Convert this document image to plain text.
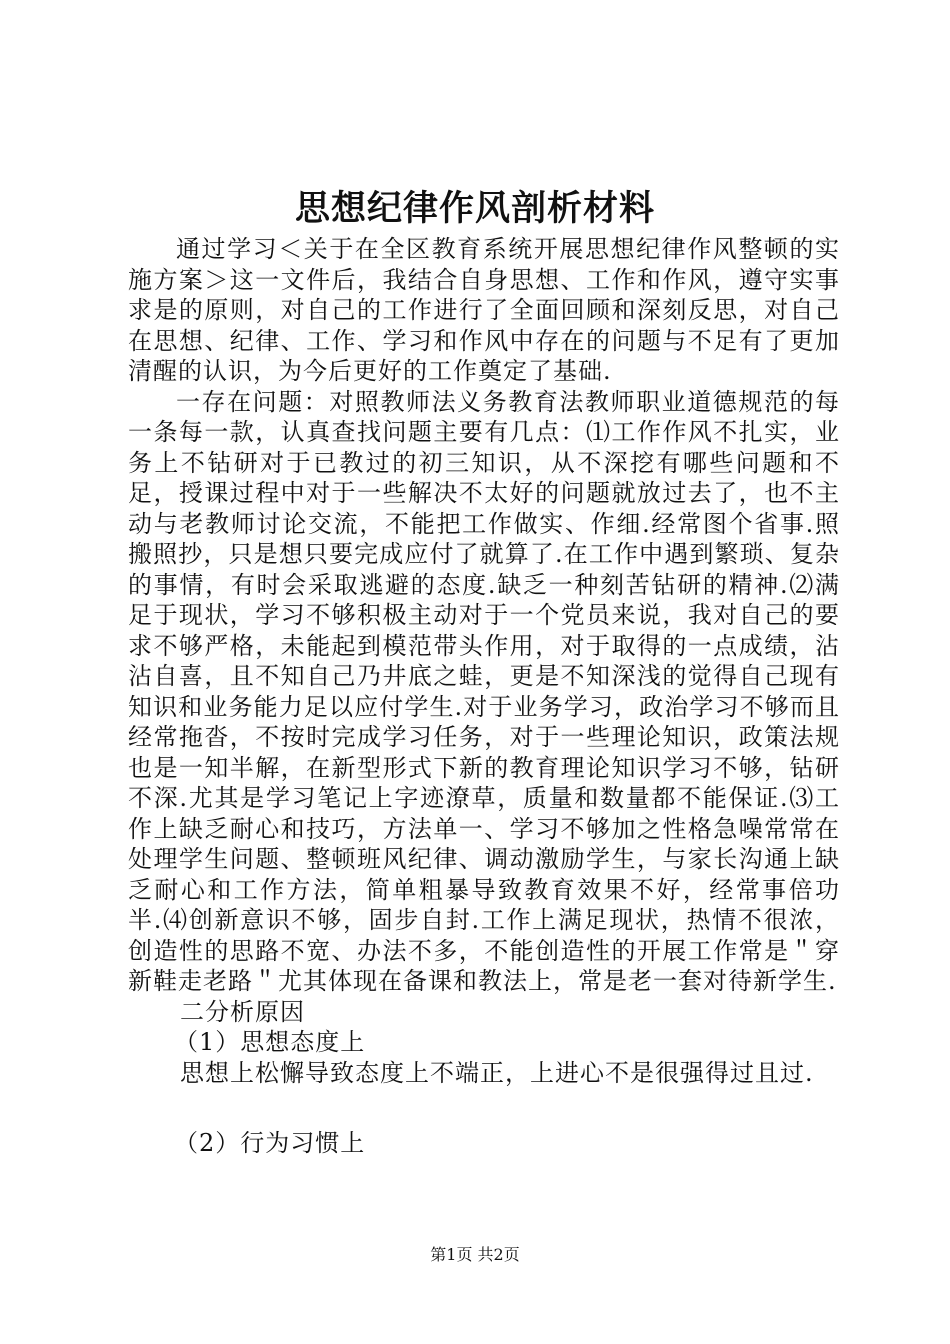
思想纪律作风剖析材料

通过学习＜关于在全区教育系统开展思想纪律作风整顿的实施方案＞这一文件后，我结合自身思想、工作和作风，遵守实事求是的原则，对自己的工作进行了全面回顾和深刻反思，对自己在思想、纪律、工作、学习和作风中存在的问题与不足有了更加清醒的认识，为今后更好的工作奠定了基础.

一存在问题：对照教师法义务教育法教师职业道德规范的每一条每一款，认真查找问题主要有几点：⑴工作作风不扎实，业务上不钻研对于已教过的初三知识，从不深挖有哪些问题和不足，授课过程中对于一些解决不太好的问题就放过去了，也不主动与老教师讨论交流，不能把工作做实、作细.经常图个省事.照搬照抄，只是想只要完成应付了就算了.在工作中遇到繁琐、复杂的事情，有时会采取逃避的态度.缺乏一种刻苦钻研的精神.⑵满足于现状，学习不够积极主动对于一个党员来说，我对自己的要求不够严格，未能起到模范带头作用，对于取得的一点成绩，沾沾自喜，且不知自己乃井底之蛙，更是不知深浅的觉得自己现有知识和业务能力足以应付学生.对于业务学习，政治学习不够而且经常拖沓，不按时完成学习任务，对于一些理论知识，政策法规也是一知半解，在新型形式下新的教育理论知识学习不够，钻研不深.尤其是学习笔记上字迹潦草，质量和数量都不能保证.⑶工作上缺乏耐心和技巧，方法单一、学习不够加之性格急噪常常在处理学生问题、整顿班风纪律、调动激励学生，与家长沟通上缺乏耐心和工作方法，简单粗暴导致教育效果不好，经常事倍功半.⑷创新意识不够，固步自封.工作上满足现状，热情不很浓，创造性的思路不宽、办法不多，不能创造性的开展工作常是＂穿新鞋走老路＂尤其体现在备课和教法上，常是老一套对待新学生.

二分析原因

（1）思想态度上

思想上松懈导致态度上不端正，上进心不是很强得过且过.

（2）行为习惯上

第1页 共2页
